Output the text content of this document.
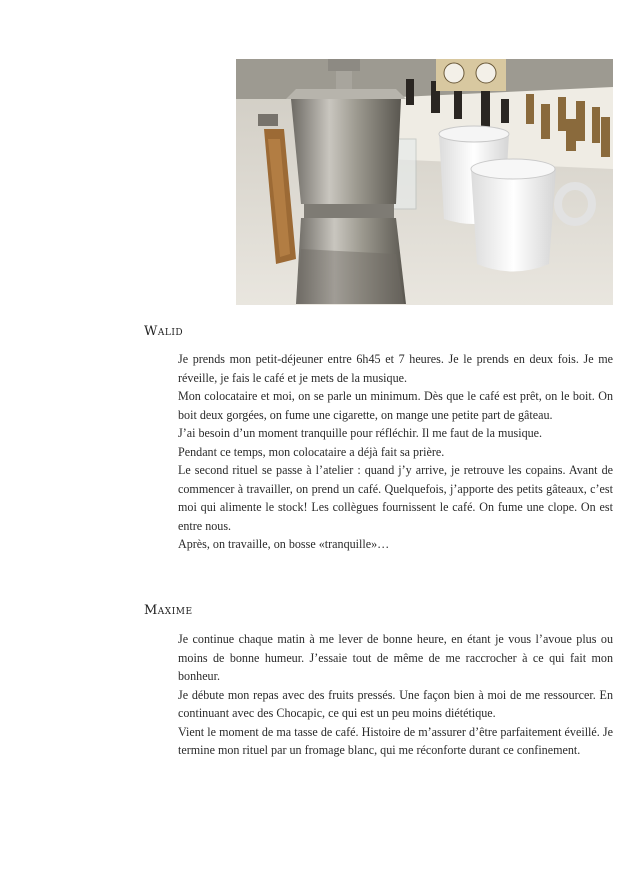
Walid

Je prends mon petit-déjeuner entre 6h45 et 7 heures. Je le prends en deux fois. Je me réveille, je fais le café et je mets de la musique.

Mon colocataire et moi, on se parle un minimum. Dès que le café est prêt, on le boit. On boit deux gorgées, on fume une cigarette, on mange une petite part de gâteau.

J’ai besoin d’un moment tranquille pour réfléchir. Il me faut de la musique.

Pendant ce temps, mon colocataire a déjà fait sa prière.

Le second rituel se passe à l’atelier : quand j’y arrive, je retrouve les copains. Avant de commencer à travailler, on prend un café. Quelquefois, j’apporte des petits gâteaux, c’est moi qui alimente le stock! Les collègues fournissent le café. On fume une clope. On est entre nous.

Après, on travaille, on bosse «tranquille»…

Maxime

Je continue chaque matin à me lever de bonne heure, en étant je vous l’avoue plus ou moins de bonne humeur. J’essaie tout de même de me raccrocher à ce qui fait mon bonheur.

Je débute mon repas avec des fruits pressés. Une façon bien à moi de me ressourcer. En continuant avec des Chocapic, ce qui est un peu moins diététique.

Vient le moment de ma tasse de café. Histoire de m’assurer d’être parfaitement éveillé. Je termine mon rituel par un fromage blanc, qui me réconforte durant ce confinement.
